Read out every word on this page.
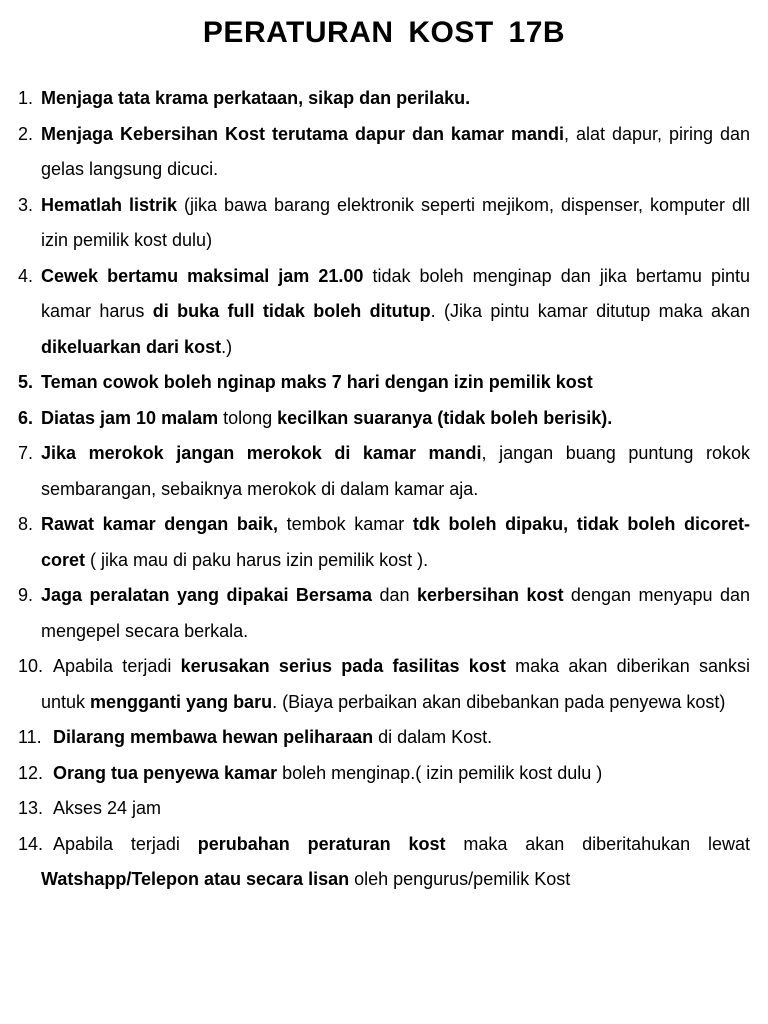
PERATURAN KOST 17B
1. Menjaga tata krama perkataan, sikap dan perilaku.
2. Menjaga Kebersihan Kost terutama dapur dan kamar mandi, alat dapur, piring dan gelas langsung dicuci.
3. Hematlah listrik (jika bawa barang elektronik seperti mejikom, dispenser, komputer dll izin pemilik kost dulu)
4. Cewek bertamu maksimal jam 21.00 tidak boleh menginap dan jika bertamu pintu kamar harus di buka full tidak boleh ditutup. (Jika pintu kamar ditutup maka akan dikeluarkan dari kost.)
5. Teman cowok boleh nginap maks 7 hari dengan izin pemilik kost
6. Diatas jam 10 malam tolong kecilkan suaranya (tidak boleh berisik).
7. Jika merokok jangan merokok di kamar mandi, jangan buang puntung rokok sembarangan, sebaiknya merokok di dalam kamar aja.
8. Rawat kamar dengan baik, tembok kamar tdk boleh dipaku, tidak boleh dicoret-coret ( jika mau di paku harus izin pemilik kost ).
9. Jaga peralatan yang dipakai Bersama dan kerbersihan kost dengan menyapu dan mengepel secara berkala.
10. Apabila terjadi kerusakan serius pada fasilitas kost maka akan diberikan sanksi untuk mengganti yang baru. (Biaya perbaikan akan dibebankan pada penyewa kost)
11. Dilarang membawa hewan peliharaan di dalam Kost.
12. Orang tua penyewa kamar boleh menginap.( izin pemilik kost dulu )
13. Akses 24 jam
14. Apabila terjadi perubahan peraturan kost maka akan diberitahukan lewat Watshapp/Telepon atau secara lisan oleh pengurus/pemilik Kost
